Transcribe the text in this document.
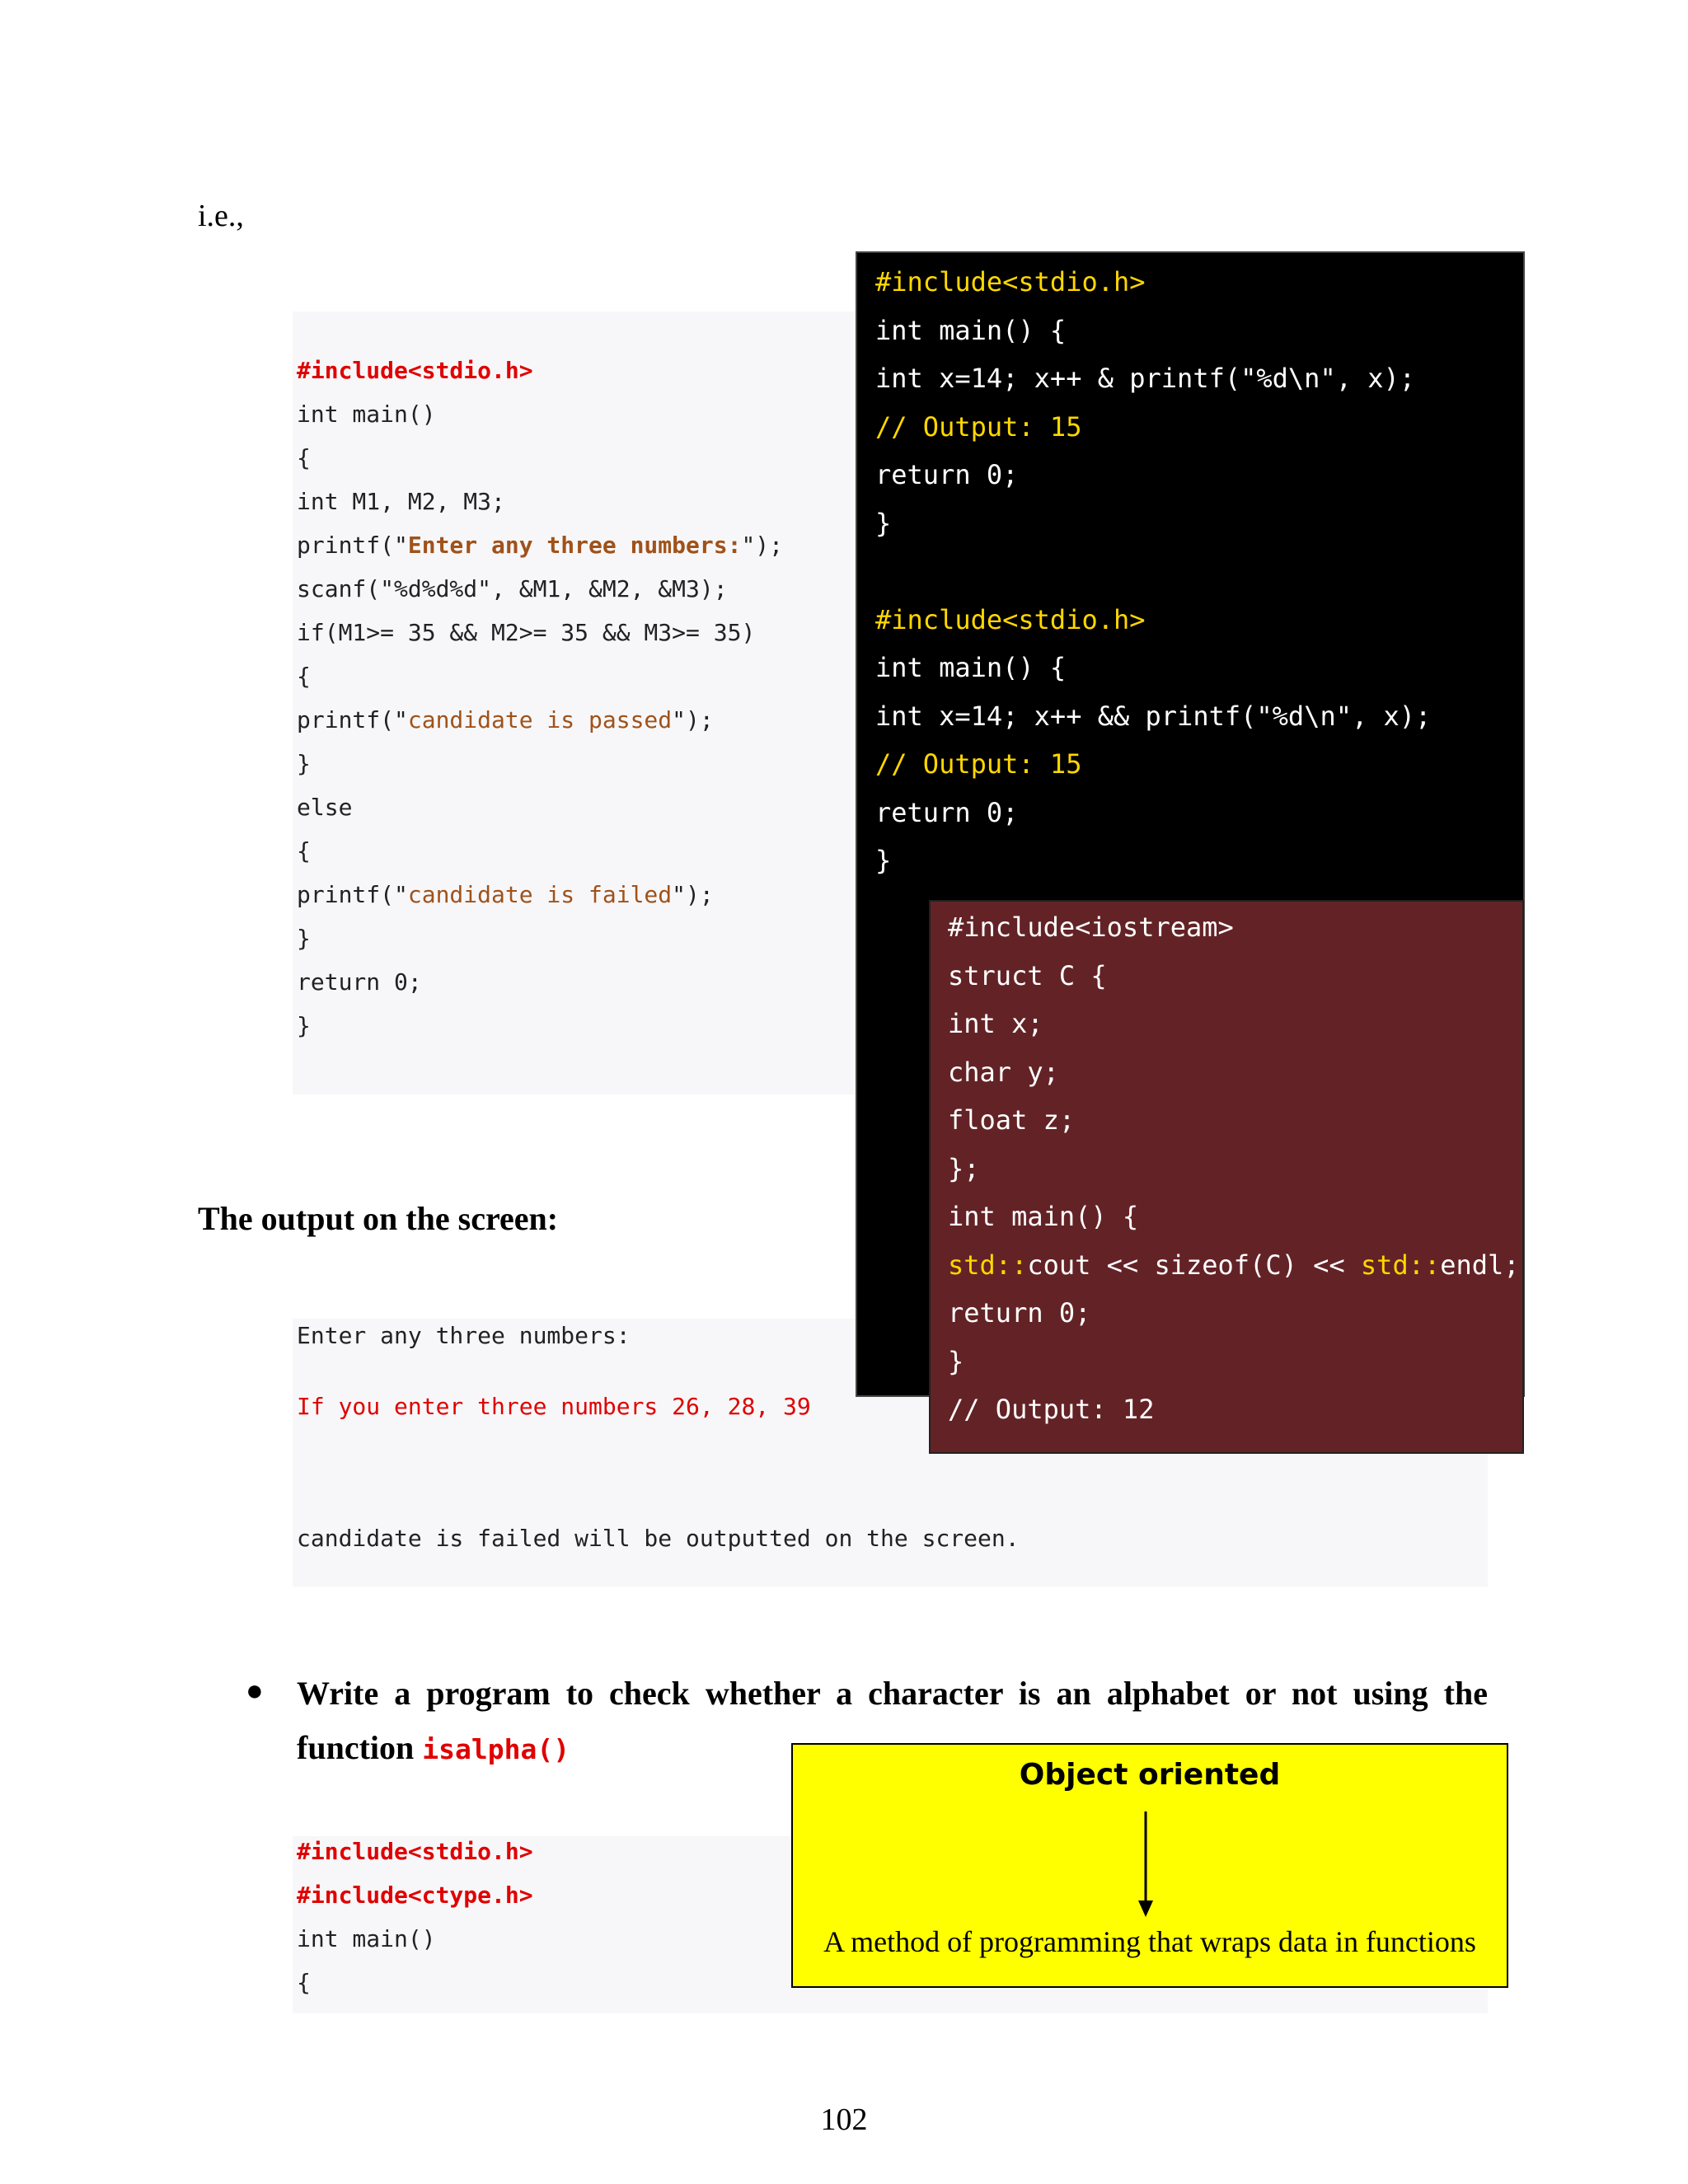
i.e.,
#include<stdio.h>
int main()
{
int M1, M2, M3;
printf("Enter any three numbers:");
scanf("%d%d%d", &M1, &M2, &M3);
if(M1>= 35 && M2>= 35 && M3>= 35)
{
printf("candidate is passed");
}
else
{
printf("candidate is failed");
}
return 0;
}
The output on the screen:
Enter any three numbers:
If you enter three numbers 26, 28, 39
candidate is failed will be outputted on the screen.
● Write a program to check whether a character is an alphabet or not using the function isalpha()
#include<stdio.h>
#include<ctype.h>
int main()
{
#include<stdio.h>
int main() {
int x=14; x++ & printf("%d\n", x);
// Output: 15
return 0;
}
#include<stdio.h>
int main() {
int x=14; x++ && printf("%d\n", x);
// Output: 15
return 0;
}
#include<iostream>
struct C {
int x;
char y;
float z;
};
int main() {
std::cout << sizeof(C) << std::endl;
return 0;
}
// Output: 12
Object oriented
A method of programming that wraps data in functions
102
